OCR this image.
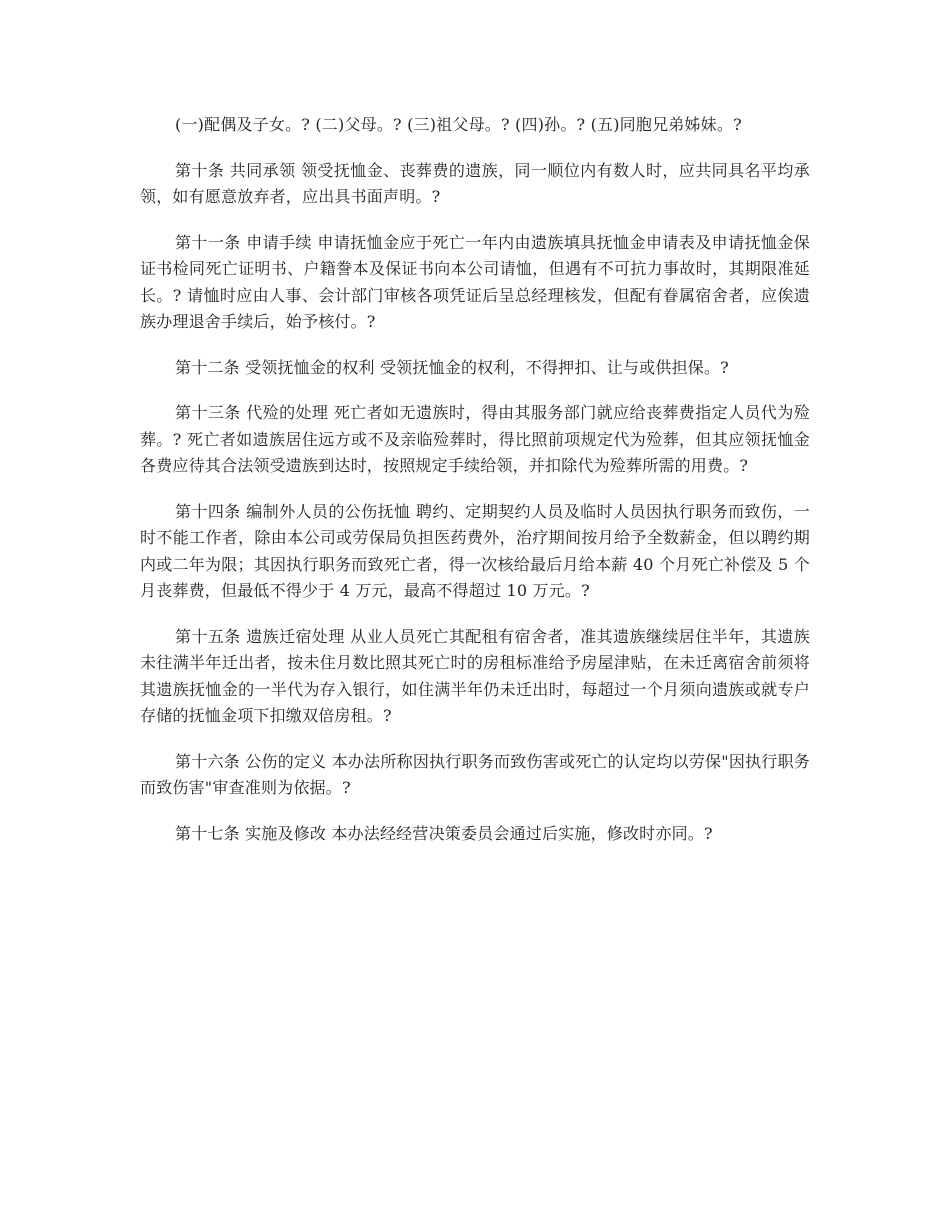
(一)配偶及子女。? (二)父母。? (三)祖父母。? (四)孙。? (五)同胞兄弟姊妹。?

第十条 共同承领 领受抚恤金、丧葬费的遗族，同一顺位内有数人时，应共同具名平均承领，如有愿意放弃者，应出具书面声明。?

第十一条 申请手续 申请抚恤金应于死亡一年内由遗族填具抚恤金申请表及申请抚恤金保证书检同死亡证明书、户籍誊本及保证书向本公司请恤，但遇有不可抗力事故时，其期限准延长。? 请恤时应由人事、会计部门审核各项凭证后呈总经理核发，但配有眷属宿舍者，应俟遗族办理退舍手续后，始予核付。?

第十二条 受领抚恤金的权利 受领抚恤金的权利，不得押扣、让与或供担保。?

第十三条 代殓的处理 死亡者如无遗族时，得由其服务部门就应给丧葬费指定人员代为殓葬。? 死亡者如遗族居住远方或不及亲临殓葬时，得比照前项规定代为殓葬，但其应领抚恤金各费应待其合法领受遗族到达时，按照规定手续给领，并扣除代为殓葬所需的用费。?

第十四条 编制外人员的公伤抚恤 聘约、定期契约人员及临时人员因执行职务而致伤，一时不能工作者，除由本公司或劳保局负担医药费外，治疗期间按月给予全数薪金，但以聘约期内或二年为限；其因执行职务而致死亡者，得一次核给最后月给本薪 40 个月死亡补偿及 5 个月丧葬费，但最低不得少于 4 万元，最高不得超过 10 万元。?

第十五条 遗族迁宿处理 从业人员死亡其配租有宿舍者，准其遗族继续居住半年，其遗族未往满半年迁出者，按未住月数比照其死亡时的房租标准给予房屋津贴，在未迁离宿舍前须将其遗族抚恤金的一半代为存入银行，如住满半年仍未迁出时，每超过一个月须向遗族或就专户存储的抚恤金项下扣缴双倍房租。?

第十六条 公伤的定义 本办法所称因执行职务而致伤害或死亡的认定均以劳保"因执行职务而致伤害"审查准则为依据。?

第十七条 实施及修改 本办法经经营决策委员会通过后实施，修改时亦同。?
